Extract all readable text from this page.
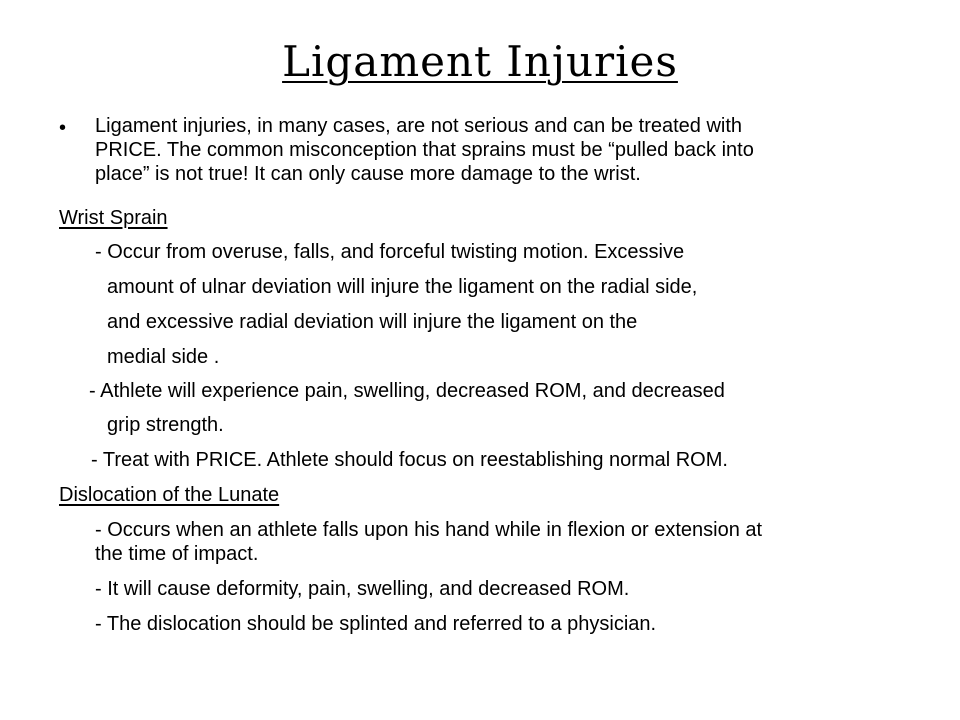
Ligament Injuries
• Ligament injuries, in many cases, are not serious and can be treated with
PRICE. The common misconception that sprains must be “pulled back into
place” is not true! It can only cause more damage to the wrist.
Wrist Sprain
- Occur from overuse, falls, and forceful twisting motion. Excessive
amount of ulnar deviation will injure the ligament on the radial side,
and excessive radial deviation will injure the ligament on the
medial side .
- Athlete will experience pain, swelling, decreased ROM, and decreased
grip strength.
- Treat with PRICE. Athlete should focus on reestablishing normal ROM.
Dislocation of the Lunate
- Occurs when an athlete falls upon his hand while in flexion or extension at
the time of impact.
- It will cause deformity, pain, swelling, and decreased ROM.
- The dislocation should be splinted and referred to a physician.
